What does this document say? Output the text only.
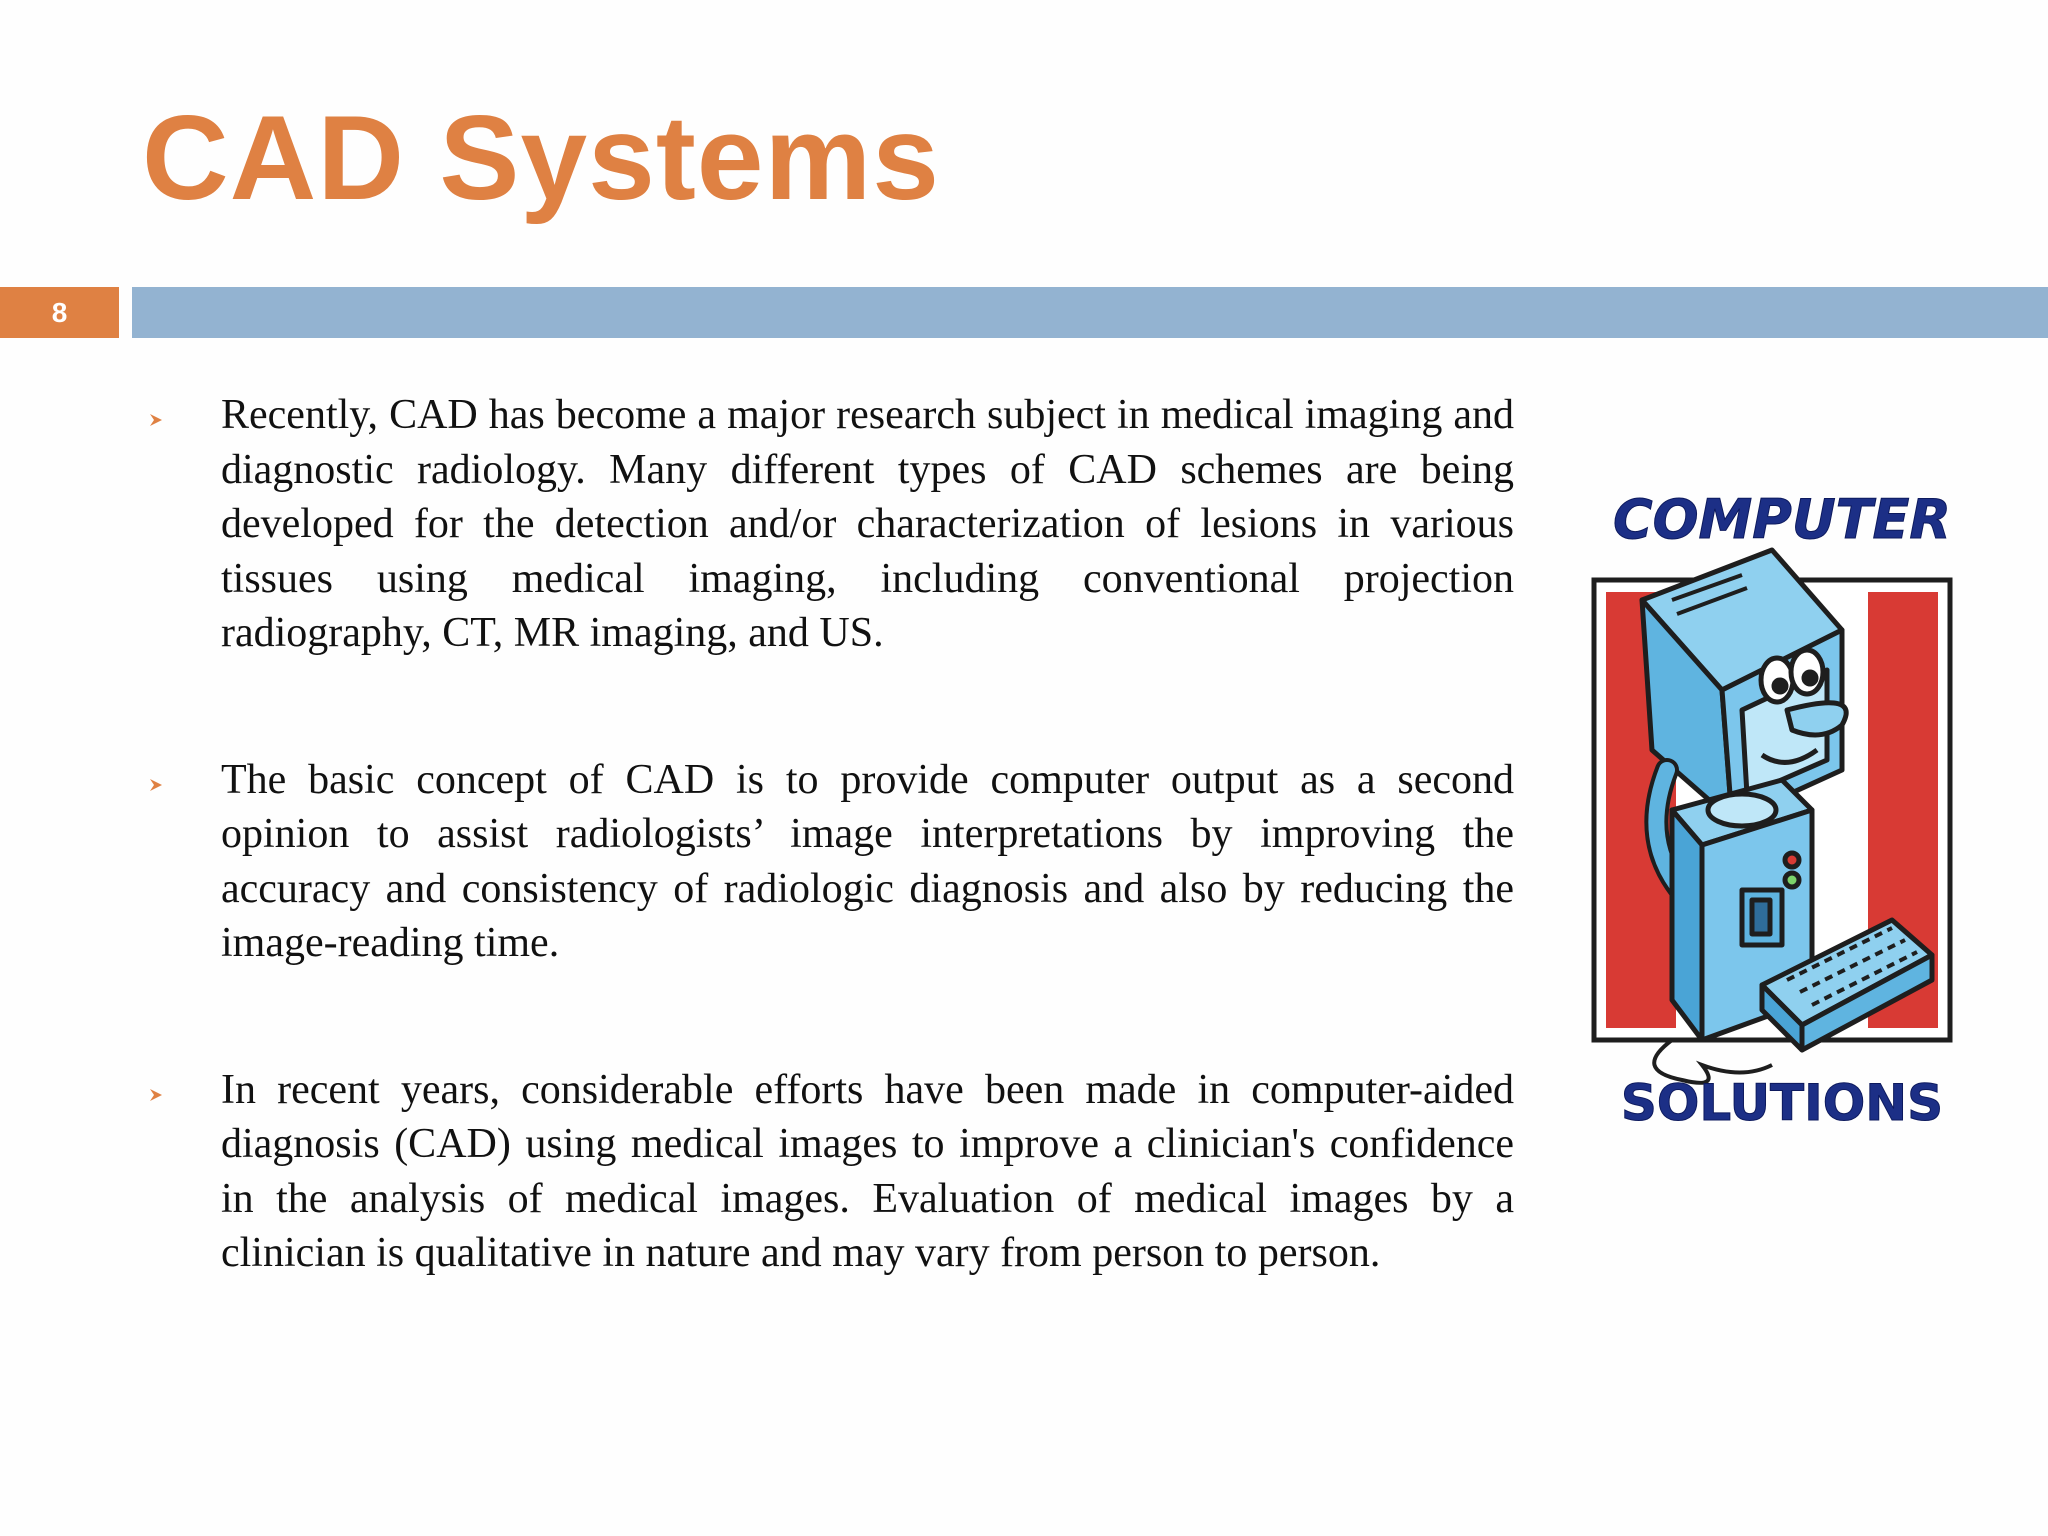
CAD Systems
8

Recently, CAD has become a major research subject in medical imaging and diagnostic radiology. Many different types of CAD schemes are being developed for the detection and/or characterization of lesions in various tissues using medical imaging, including conventional projection radiography, CT, MR imaging, and US.

The basic concept of CAD is to provide computer output as a second opinion to assist radiologists’ image interpretations by improving the accuracy and consistency of radiologic diagnosis and also by reducing the image-reading time.

In recent years, considerable efforts have been made in computer-aided diagnosis (CAD) using medical images to improve a clinician's confidence in the analysis of medical images. Evaluation of medical images by a clinician is qualitative in nature and may vary from person to person.

COMPUTER
SOLUTIONS
